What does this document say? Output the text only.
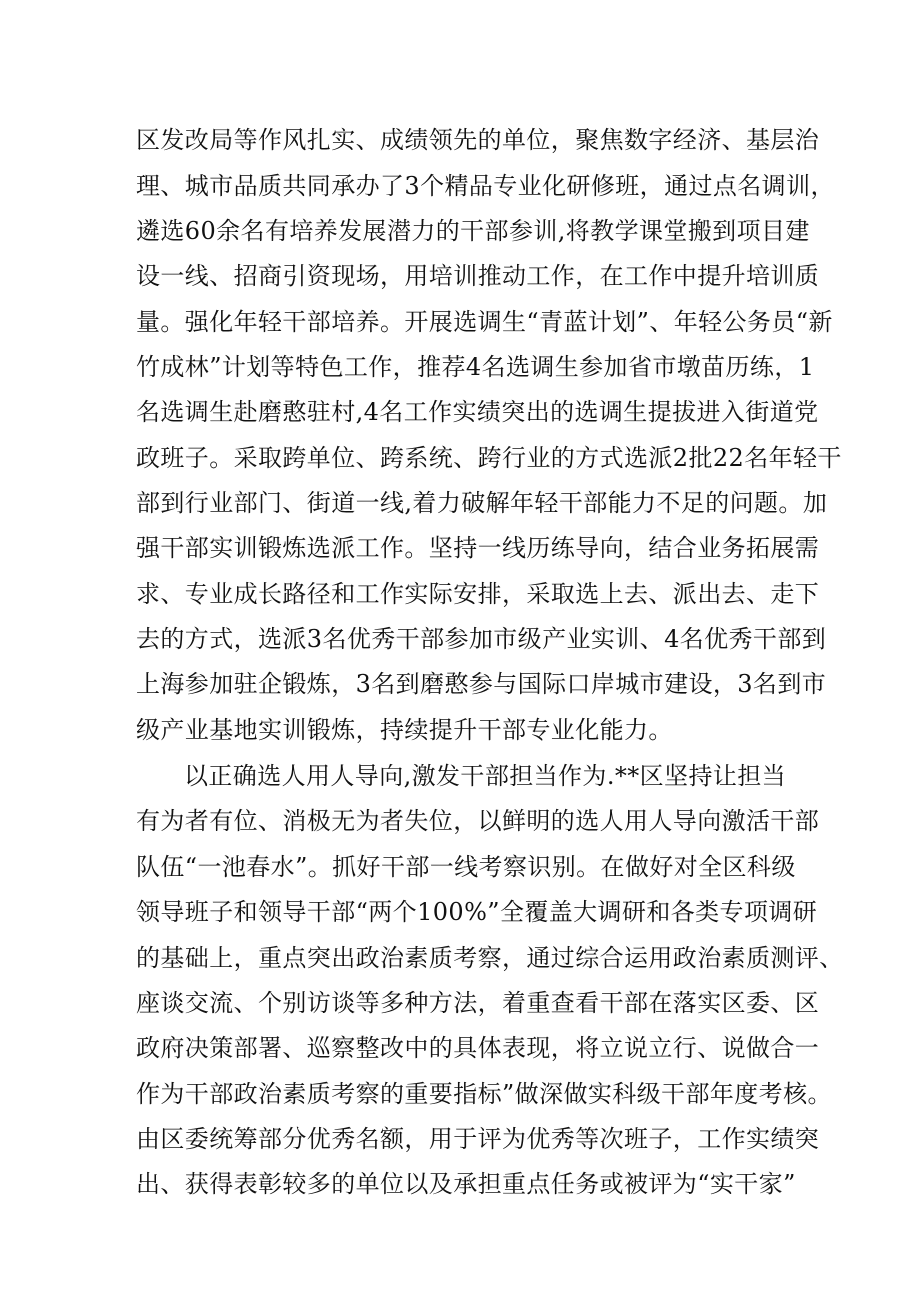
区发改局等作风扎实、成绩领先的单位，聚焦数字经济、基层治
理、城市品质共同承办了3个精品专业化研修班，通过点名调训，
遴选60余名有培养发展潜力的干部参训,将教学课堂搬到项目建
设一线、招商引资现场，用培训推动工作，在工作中提升培训质
量。强化年轻干部培养。开展选调生“青蓝计划”、年轻公务员“新
竹成林”计划等特色工作，推荐4名选调生参加省市墩苗历练，1
名选调生赴磨憨驻村,4名工作实绩突出的选调生提拔进入街道党
政班子。采取跨单位、跨系统、跨行业的方式选派2批22名年轻干
部到行业部门、街道一线,着力破解年轻干部能力不足的问题。加
强干部实训锻炼选派工作。坚持一线历练导向，结合业务拓展需
求、专业成长路径和工作实际安排，采取选上去、派出去、走下
去的方式，选派3名优秀干部参加市级产业实训、4名优秀干部到
上海参加驻企锻炼，3名到磨憨参与国际口岸城市建设，3名到市
级产业基地实训锻炼，持续提升干部专业化能力。
以正确选人用人导向,激发干部担当作为.**区坚持让担当
有为者有位、消极无为者失位，以鲜明的选人用人导向激活干部
队伍“一池春水”。抓好干部一线考察识别。在做好对全区科级
领导班子和领导干部“两个100%”全覆盖大调研和各类专项调研
的基础上，重点突出政治素质考察，通过综合运用政治素质测评、
座谈交流、个别访谈等多种方法，着重查看干部在落实区委、区
政府决策部署、巡察整改中的具体表现，将立说立行、说做合一
作为干部政治素质考察的重要指标”做深做实科级干部年度考核。
由区委统筹部分优秀名额，用于评为优秀等次班子，工作实绩突
出、获得表彰较多的单位以及承担重点任务或被评为“实干家”
